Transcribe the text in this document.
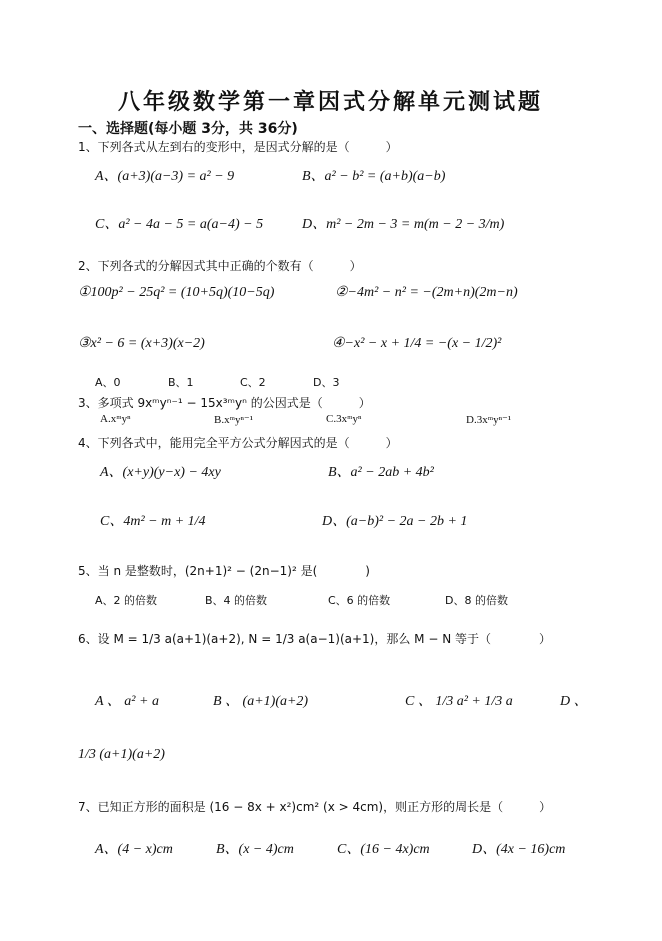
八年级数学第一章因式分解单元测试题
一、选择题(每小题 3分，共 36分)
1、下列各式从左到右的变形中，是因式分解的是（　　　）
A、(a+3)(a−3) = a² − 9	B、a² − b² = (a+b)(a−b)
C、a² − 4a − 5 = a(a−4) − 5	D、m² − 2m − 3 = m(m − 2 − 3/m)
2、下列各式的分解因式其中正确的个数有（　　　）
①100p² − 25q² = (10+5q)(10−5q)	②−4m² − n² = −(2m+n)(2m−n)
③x² − 6 = (x+3)(x−2)	④−x² − x + 1/4 = −(x − 1/2)²
A、0	B、1	C、2	D、3
3、多项式 9xᵐyⁿ⁻¹ − 15x³ᵐyⁿ 的公因式是（　　　）
A.xᵐyⁿ	B.xᵐyⁿ⁻¹	C.3xᵐyⁿ	D.3xᵐyⁿ⁻¹
4、下列各式中，能用完全平方公式分解因式的是（　　　）
A、(x+y)(y−x) − 4xy	B、a² − 2ab + 4b²
C、4m² − m + 1/4	D、(a−b)² − 2a − 2b + 1
5、当 n 是整数时，(2n+1)² − (2n−1)² 是(　　　　)
A、2 的倍数	B、4 的倍数	C、6 的倍数	D、8 的倍数
6、设 M = 1/3 a(a+1)(a+2), N = 1/3 a(a−1)(a+1)，那么 M − N 等于（　　　　）
A 、 a² + a	B 、 (a+1)(a+2)	C 、 1/3 a² + 1/3 a	D 、
1/3 (a+1)(a+2)
7、已知正方形的面积是 (16 − 8x + x²)cm² (x > 4cm)，则正方形的周长是（　　　）
A、(4 − x)cm	B、(x − 4)cm	C、(16 − 4x)cm	D、(4x − 16)cm
